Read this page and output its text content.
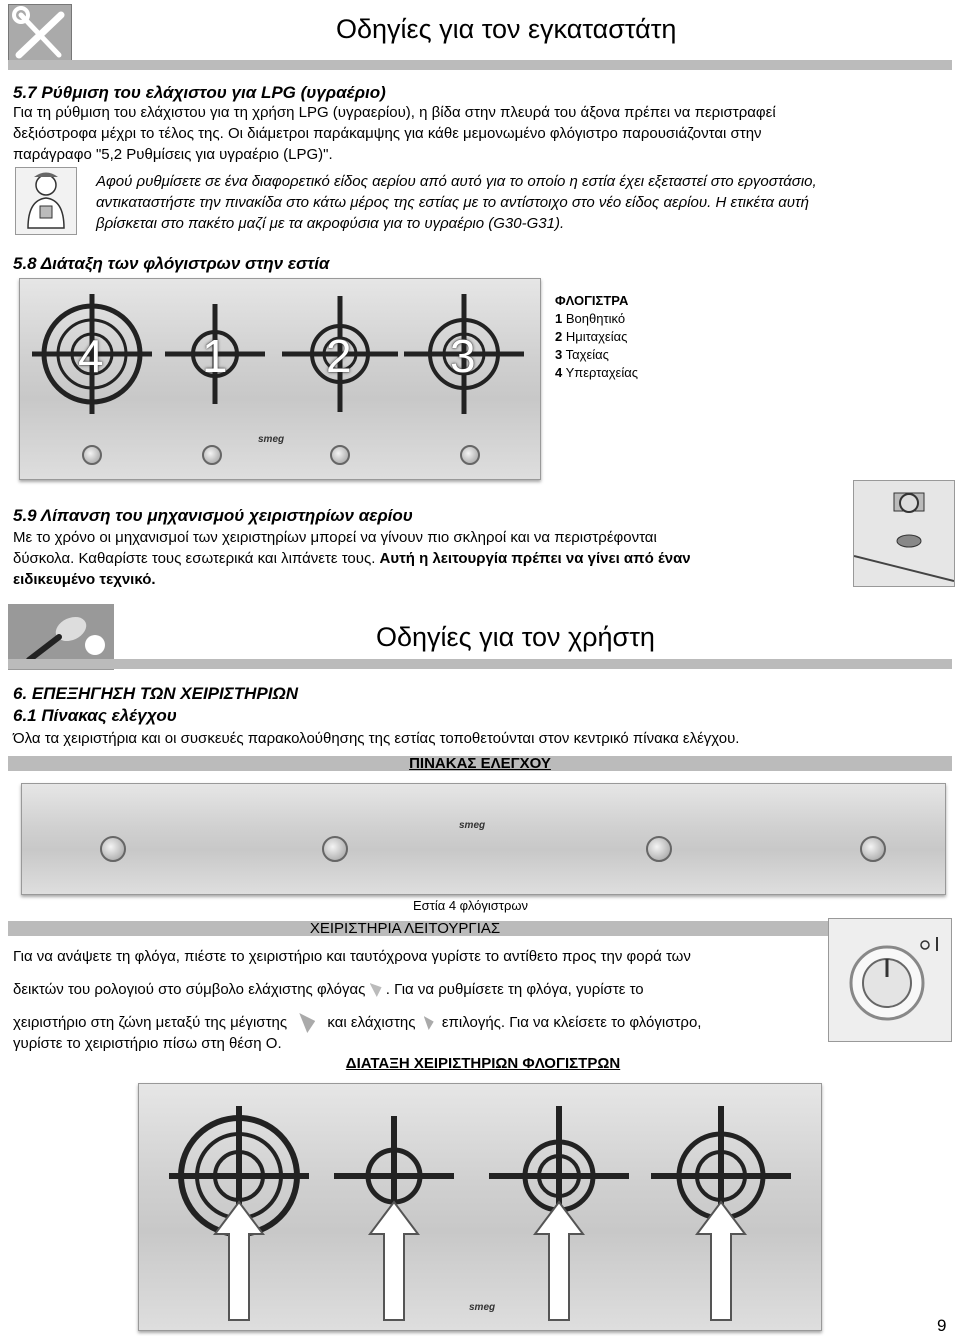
Οδηγίες για τον εγκαταστάτη
5.7 Ρύθμιση του ελάχιστου για LPG (υγραέριο)
Για τη ρύθμιση του ελάχιστου για τη χρήση LPG (υγραερίου), η βίδα στην πλευρά του άξονα πρέπει να περιστραφεί
δεξιόστροφα μέχρι το τέλος της. Οι διάμετροι παράκαμψης για κάθε μεμονωμένο φλόγιστρο παρουσιάζονται στην
παράγραφο "5,2 Ρυθμίσεις για υγραέριο (LPG)".
Αφού ρυθμίσετε σε ένα διαφορετικό είδος αερίου από αυτό για το οποίο η εστία έχει εξεταστεί στο εργοστάσιο,
αντικαταστήστε την πινακίδα στο κάτω μέρος της εστίας με το αντίστοιχο στο νέο είδος αερίου. Η ετικέτα αυτή
βρίσκεται στο πακέτο μαζί με τα ακροφύσια για το υγραέριο (G30-G31).
5.8 Διάταξη των φλόγιστρων στην εστία
4 1 2 3
smeg
ΦΛΟΓΙΣΤΡΑ
1 Βοηθητικό
2 Ημιταχείας
3 Ταχείας
4 Υπερταχείας
5.9 Λίπανση του μηχανισμού χειριστηρίων αερίου
Με το χρόνο οι μηχανισμοί των χειριστηρίων μπορεί να γίνουν πιο σκληροί και να περιστρέφονται
δύσκολα. Καθαρίστε τους εσωτερικά και λιπάνετε τους. Αυτή η λειτουργία πρέπει να γίνει από έναν
ειδικευμένο τεχνικό.
Οδηγίες για τον χρήστη
6. ΕΠΕΞΗΓΗΣΗ ΤΩΝ ΧΕΙΡΙΣΤΗΡΙΩΝ
6.1 Πίνακας ελέγχου
Όλα τα χειριστήρια και οι συσκευές παρακολούθησης της εστίας τοποθετούνται στον κεντρικό πίνακα ελέγχου.
ΠΙΝΑΚΑΣ ΕΛΕΓΧΟΥ
smeg
Εστία 4 φλόγιστρων
ΧΕΙΡΙΣΤΗΡΙΑ ΛΕΙΤΟΥΡΓΙΑΣ
Για να ανάψετε τη φλόγα, πιέστε το χειριστήριο και ταυτόχρονα γυρίστε το αντίθετο προς την φορά των
δεικτών του ρολογιού στο σύμβολο ελάχιστης φλόγας . Για να ρυθμίσετε τη φλόγα, γυρίστε το
χειριστήριο στη ζώνη μεταξύ της μέγιστης	και ελάχιστης επιλογής. Για να κλείσετε το φλόγιστρο,
γυρίστε το χειριστήριο πίσω στη θέση O.
ΔΙΑΤΑΞΗ ΧΕΙΡΙΣΤΗΡΙΩΝ ΦΛΟΓΙΣΤΡΩΝ
smeg
9
